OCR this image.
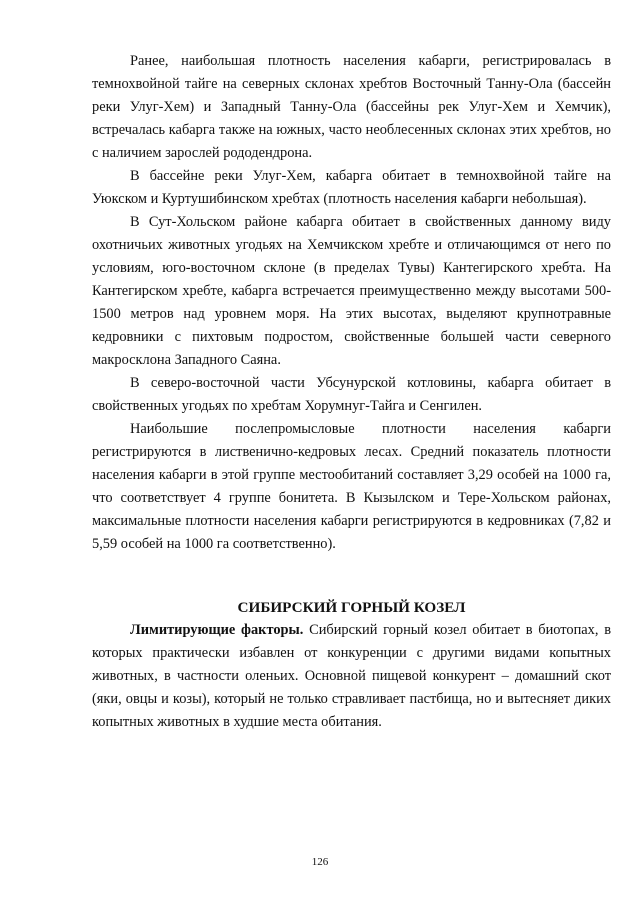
Ранее, наибольшая плотность населения кабарги, регистрировалась в темнохвойной тайге на северных склонах хребтов Восточный Танну-Ола (бассейн реки Улуг-Хем) и Западный Танну-Ола (бассейны рек Улуг-Хем и Хемчик), встречалась кабарга также на южных, часто необлесенных склонах этих хребтов, но с наличием зарослей рододендрона.

В бассейне реки Улуг-Хем, кабарга обитает в темнохвойной тайге на Уюкском и Куртушибинском хребтах (плотность населения кабарги небольшая).

В Сут-Хольском районе кабарга обитает в свойственных данному виду охотничьих животных угодьях на Хемчикском хребте и отличающимся от него по условиям, юго-восточном склоне (в пределах Тувы) Кантегирского хребта. На Кантегирском хребте, кабарга встречается преимущественно между высотами 500-1500 метров над уровнем моря. На этих высотах, выделяют крупнотравные кедровники с пихтовым подростом, свойственные большей части северного макросклона Западного Саяна.

В северо-восточной части Убсунурской котловины, кабарга обитает в свойственных угодьях по хребтам Хорумнуг-Тайга и Сенгилен.

Наибольшие послепромысловые плотности населения кабарги регистрируются в лиственично-кедровых лесах. Средний показатель плотности населения кабарги в этой группе местообитаний составляет 3,29 особей на 1000 га, что соответствует 4 группе бонитета. В Кызылском и Тере-Хольском районах, максимальные плотности населения кабарги регистрируются в кедровниках (7,82 и 5,59 особей на 1000 га соответственно).

СИБИРСКИЙ ГОРНЫЙ КОЗЕЛ

Лимитирующие факторы. Сибирский горный козел обитает в биотопах, в которых практически избавлен от конкуренции с другими видами копытных животных, в частности оленьих. Основной пищевой конкурент – домашний скот (яки, овцы и козы), который не только стравливает пастбища, но и вытесняет диких копытных животных в худшие места обитания.

126
